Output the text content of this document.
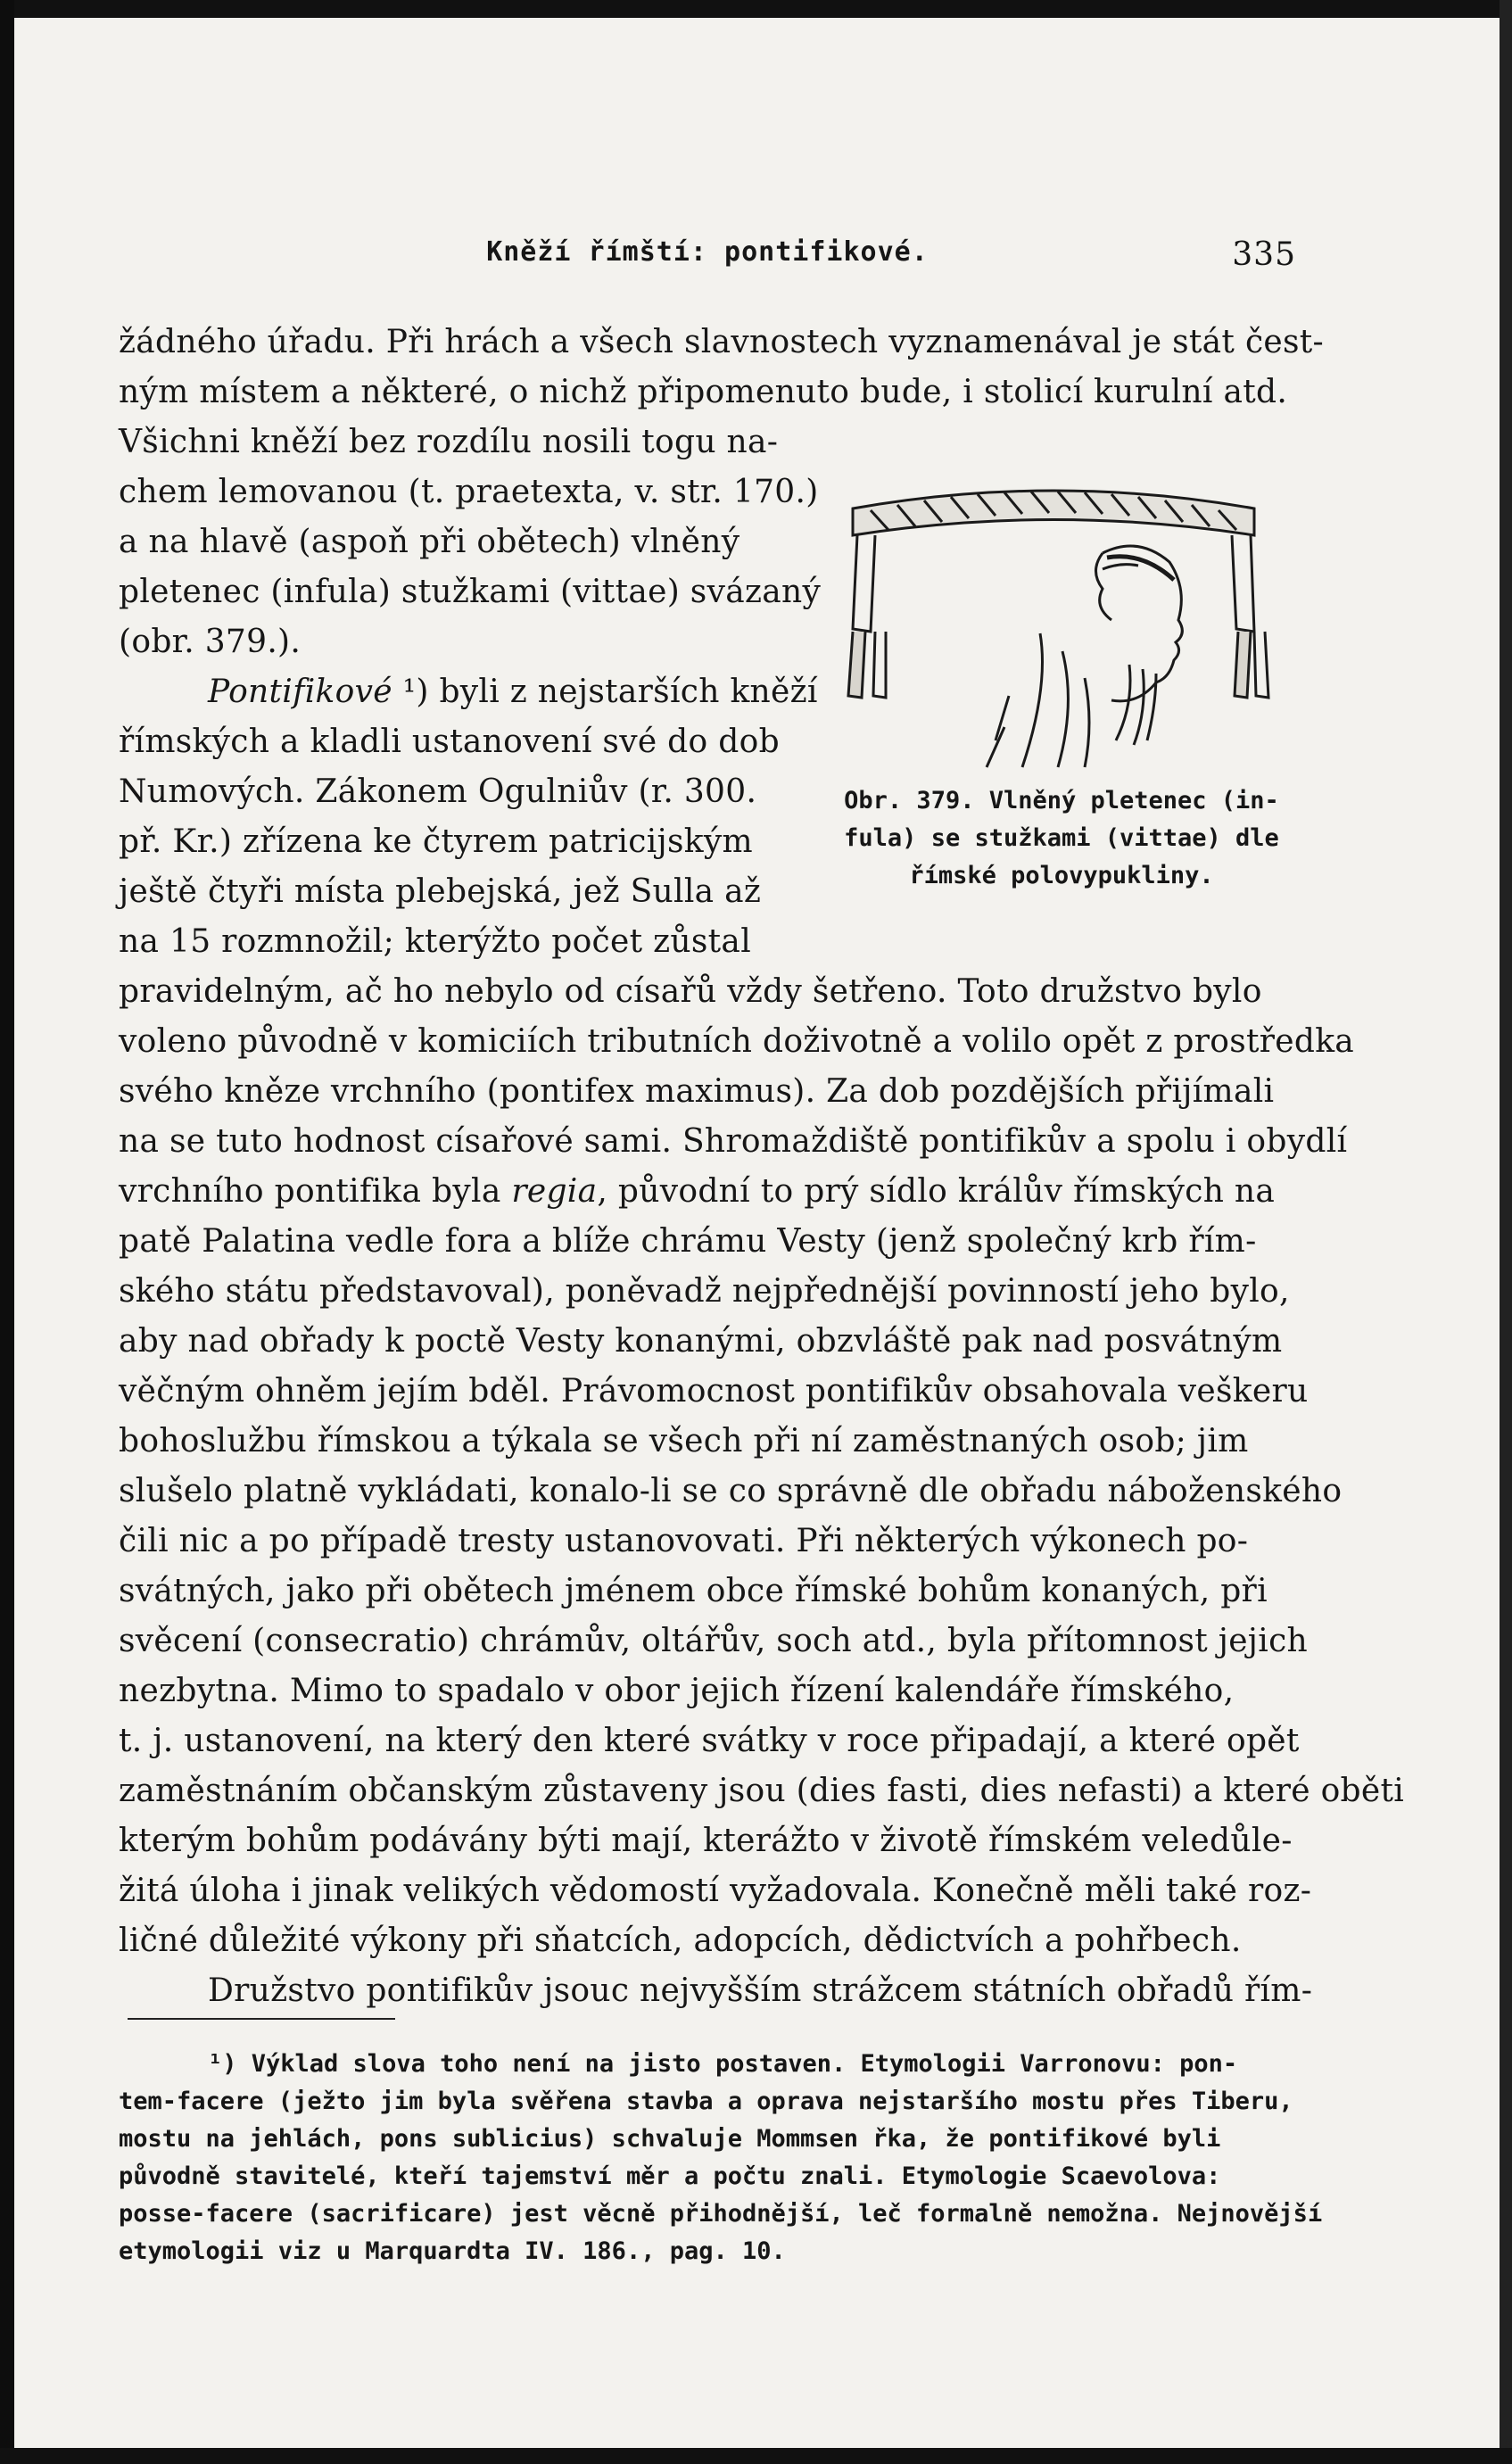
Kněží římští: pontifikové.	335
žádného úřadu. Při hrách a všech slavnostech vyznamenával je stát čest-
ným místem a některé, o nichž připomenuto bude, i stolicí kurulní atd.
Všichni kněží bez rozdílu nosili togu na-
chem lemovanou (t. praetexta, v. str. 170.)
a na hlavě (aspoň při obětech) vlněný
pletenec (infula) stužkami (vittae) svázaný
(obr. 379.).
Pontifikové ¹) byli z nejstarších kněží
římských a kladli ustanovení své do dob
Numových. Zákonem Ogulniův (r. 300.
př. Kr.) zřízena ke čtyrem patricijským
ještě čtyři místa plebejská, jež Sulla až
na 15 rozmnožil; kterýžto počet zůstal
Obr. 379. Vlněný pletenec (in-
fula) se stužkami (vittae) dle
římské polovypukliny.
pravidelným, ač ho nebylo od císařů vždy šetřeno. Toto družstvo bylo
voleno původně v komiciích tributních doživotně a volilo opět z prostředka
svého kněze vrchního (pontifex maximus). Za dob pozdějších přijímali
na se tuto hodnost císařové sami. Shromaždiště pontifikův a spolu i obydlí
vrchního pontifika byla regia, původní to prý sídlo králův římských na
patě Palatina vedle fora a blíže chrámu Vesty (jenž společný krb řím-
ského státu představoval), poněvadž nejpřednější povinností jeho bylo,
aby nad obřady k poctě Vesty konanými, obzvláště pak nad posvátným
věčným ohněm jejím bděl. Právomocnost pontifikův obsahovala veškeru
bohoslužbu římskou a týkala se všech při ní zaměstnaných osob; jim
slušelo platně vykládati, konalo-li se co správně dle obřadu náboženského
čili nic a po případě tresty ustanovovati. Při některých výkonech po-
svátných, jako při obětech jménem obce římské bohům konaných, při
svěcení (consecratio) chrámův, oltářův, soch atd., byla přítomnost jejich
nezbytna. Mimo to spadalo v obor jejich řízení kalendáře římského,
t. j. ustanovení, na který den které svátky v roce připadají, a které opět
zaměstnáním občanským zůstaveny jsou (dies fasti, dies nefasti) a které oběti
kterým bohům podávány býti mají, kterážto v životě římském veledůle-
žitá úloha i jinak velikých vědomostí vyžadovala. Konečně měli také roz-
ličné důležité výkony při sňatcích, adopcích, dědictvích a pohřbech.
Družstvo pontifikův jsouc nejvyšším strážcem státních obřadů řím-
¹) Výklad slova toho není na jisto postaven. Etymologii Varronovu: pon-
tem-facere (ježto jim byla svěřena stavba a oprava nejstaršího mostu přes Tiberu,
mostu na jehlách, pons sublicius) schvaluje Mommsen řka, že pontifikové byli
původně stavitelé, kteří tajemství měr a počtu znali. Etymologie Scaevolova:
posse-facere (sacrificare) jest věcně přihodnější, leč formalně nemožna. Nejnovější
etymologii viz u Marquardta IV. 186., pag. 10.
